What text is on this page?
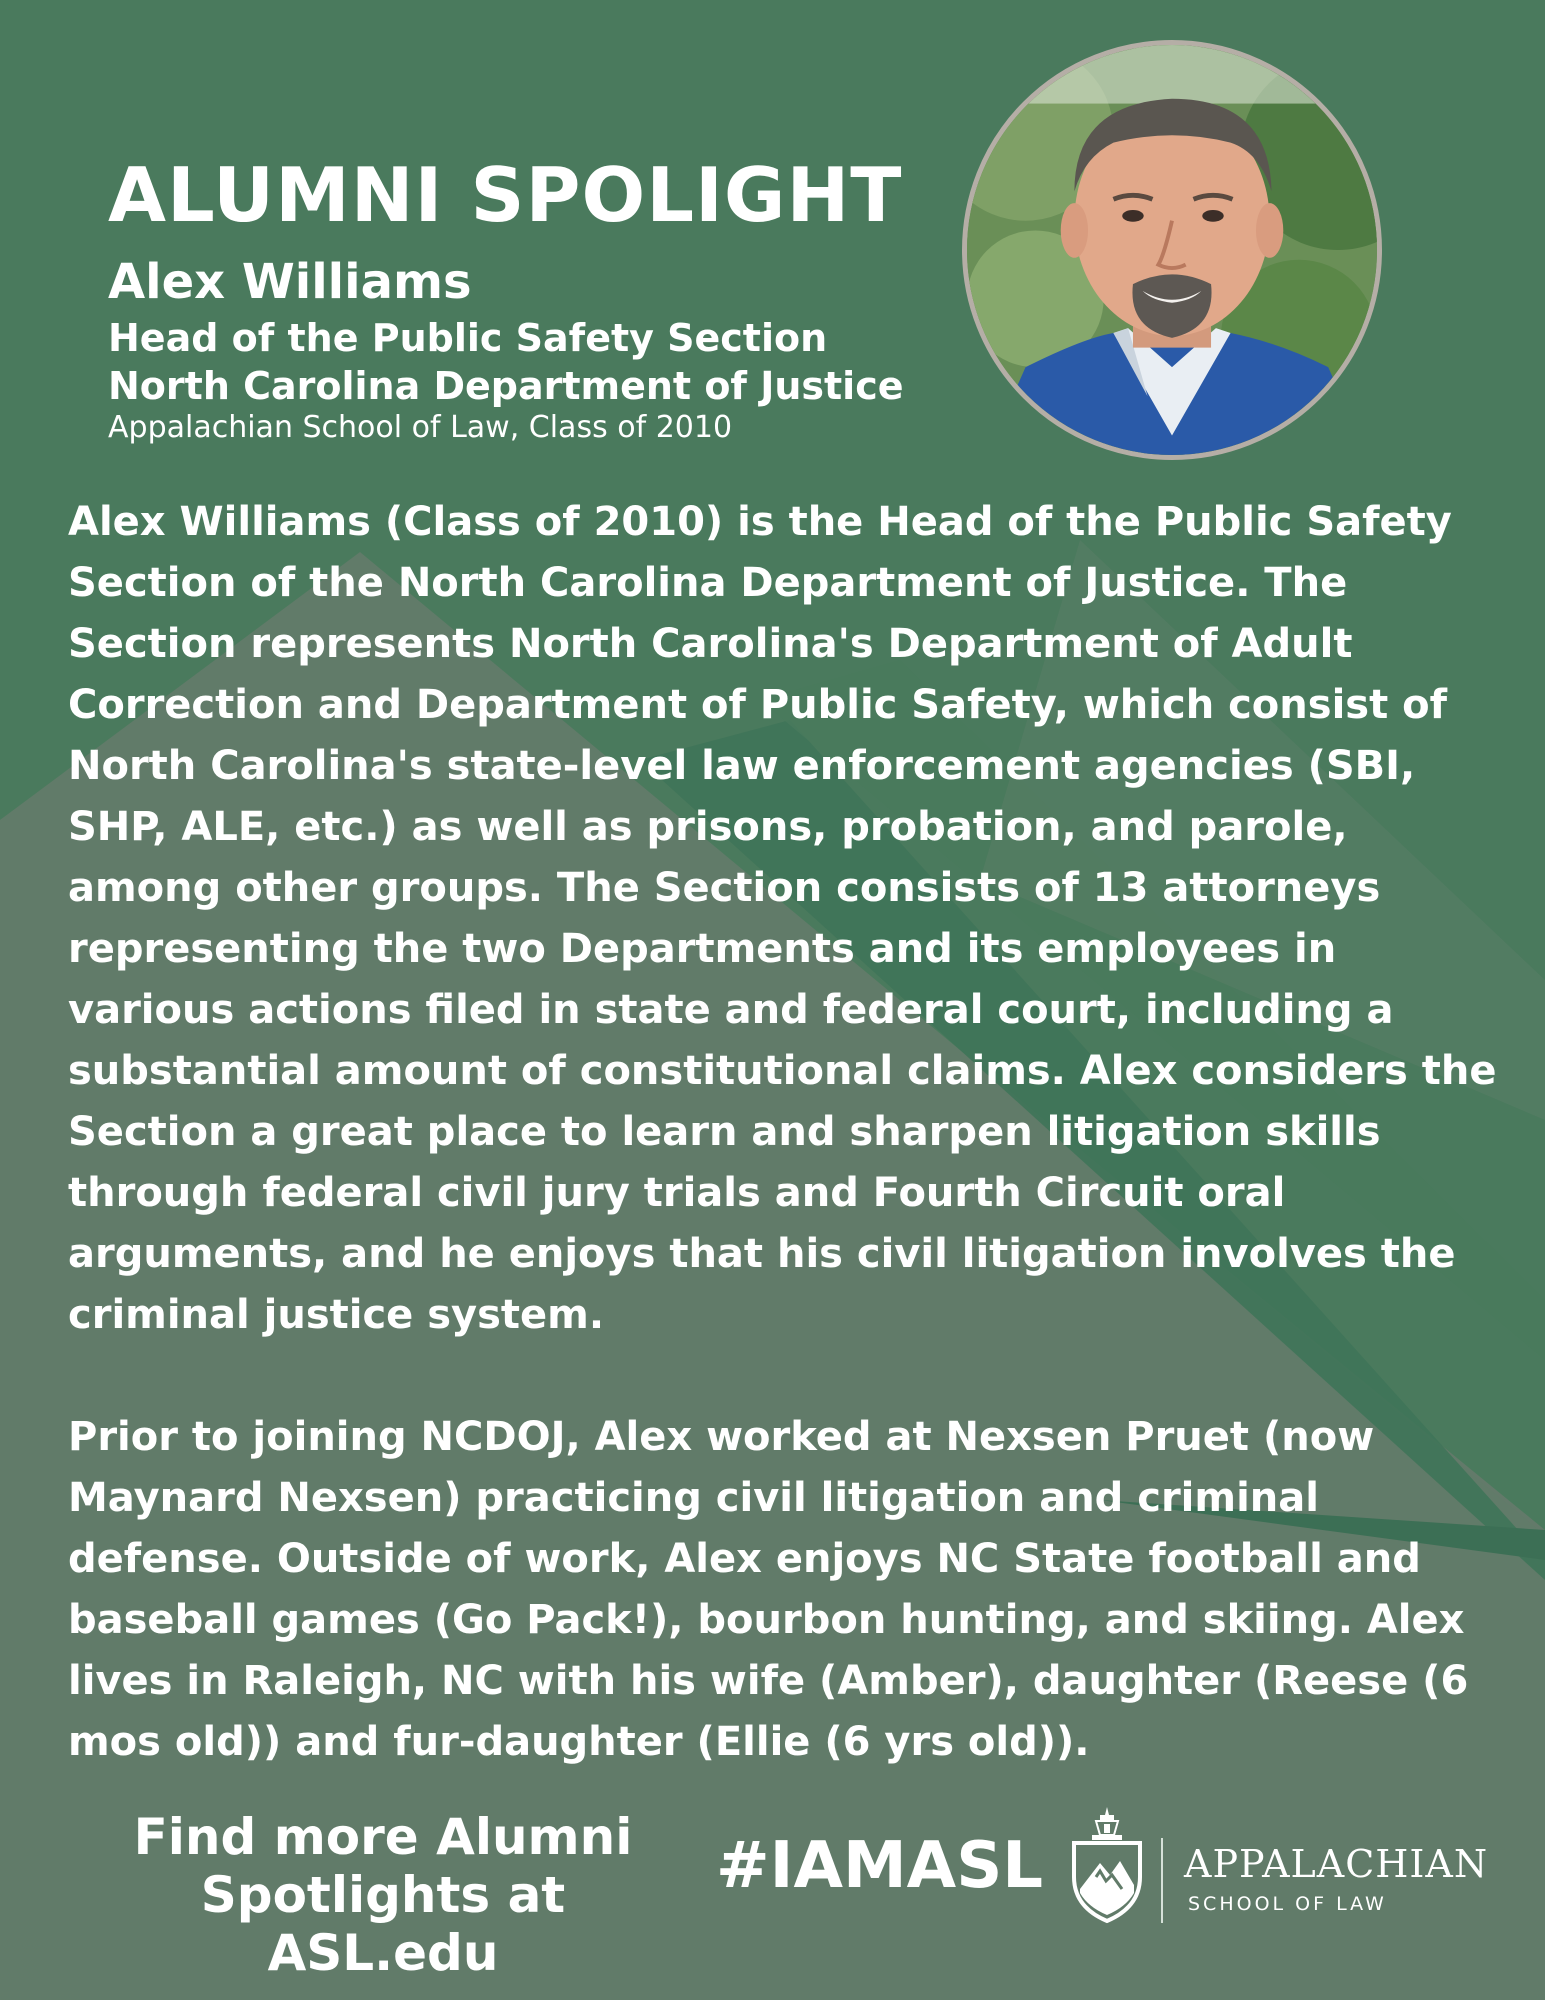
ALUMNI SPOLIGHT
Alex Williams
Head of the Public Safety Section
North Carolina Department of Justice
Appalachian School of Law, Class of 2010

Alex Williams (Class of 2010) is the Head of the Public Safety
Section of the North Carolina Department of Justice. The
Section represents North Carolina's Department of Adult
Correction and Department of Public Safety, which consist of
North Carolina's state-level law enforcement agencies (SBI,
SHP, ALE, etc.) as well as prisons, probation, and parole,
among other groups. The Section consists of 13 attorneys
representing the two Departments and its employees in
various actions filed in state and federal court, including a
substantial amount of constitutional claims. Alex considers the
Section a great place to learn and sharpen litigation skills
through federal civil jury trials and Fourth Circuit oral
arguments, and he enjoys that his civil litigation involves the
criminal justice system.

Prior to joining NCDOJ, Alex worked at Nexsen Pruet (now
Maynard Nexsen) practicing civil litigation and criminal
defense. Outside of work, Alex enjoys NC State football and
baseball games (Go Pack!), bourbon hunting, and skiing. Alex
lives in Raleigh, NC with his wife (Amber), daughter (Reese (6
mos old)) and fur-daughter (Ellie (6 yrs old)).

Find more Alumni
Spotlights at ASL.edu
#IAMASL	APPALACHIAN
SCHOOL OF LAW
